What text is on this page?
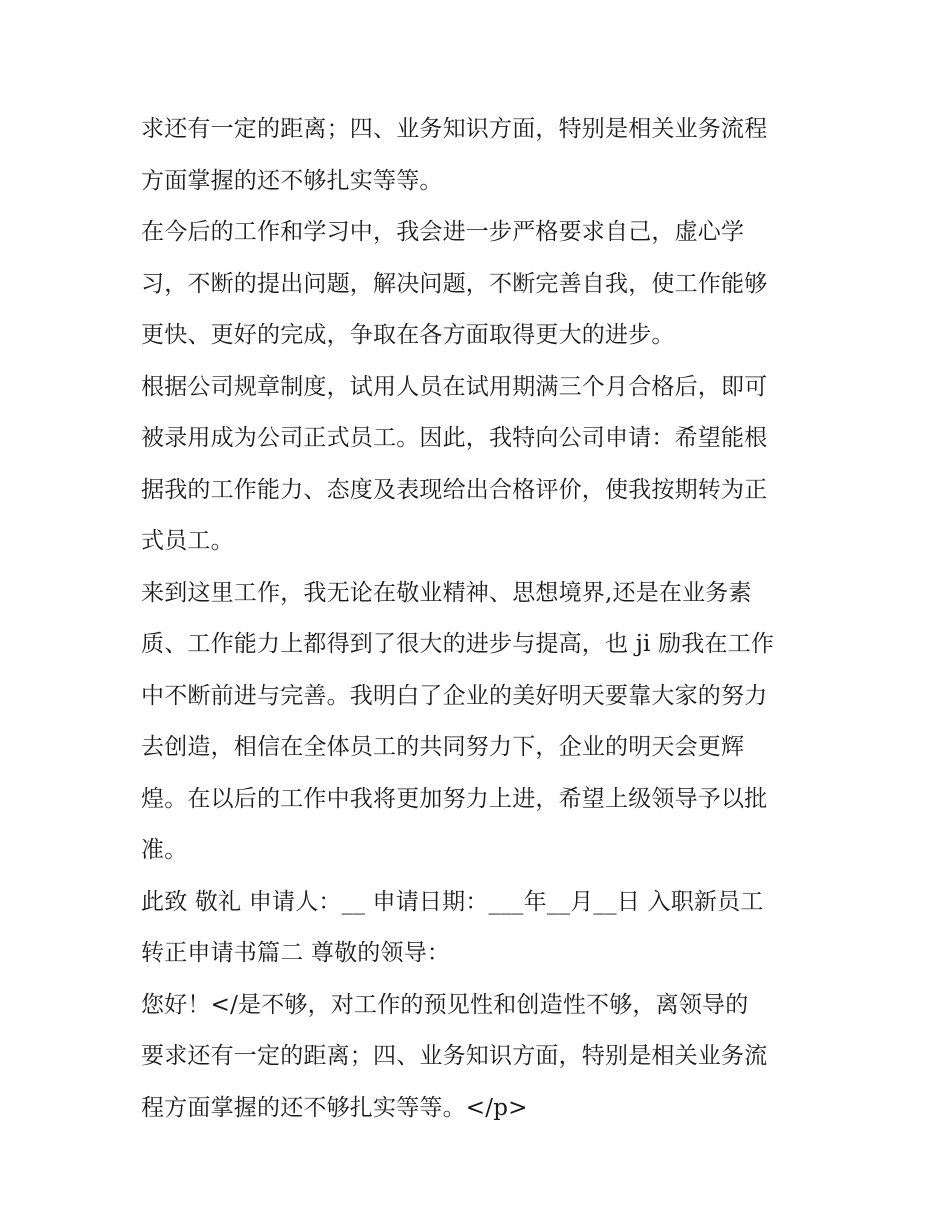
求还有一定的距离；四、业务知识方面，特别是相关业务流程
方面掌握的还不够扎实等等。
在今后的工作和学习中，我会进一步严格要求自己，虚心学
习，不断的提出问题，解决问题，不断完善自我，使工作能够
更快、更好的完成，争取在各方面取得更大的进步。
根据公司规章制度，试用人员在试用期满三个月合格后，即可
被录用成为公司正式员工。因此，我特向公司申请：希望能根
据我的工作能力、态度及表现给出合格评价，使我按期转为正
式员工。
来到这里工作，我无论在敬业精神、思想境界,还是在业务素
质、工作能力上都得到了很大的进步与提高，也 ji 励我在工作
中不断前进与完善。我明白了企业的美好明天要靠大家的努力
去创造，相信在全体员工的共同努力下，企业的明天会更辉
煌。在以后的工作中我将更加努力上进，希望上级领导予以批
准。
此致 敬礼 申请人：__ 申请日期：___年__月__日 入职新员工
转正申请书篇二 尊敬的领导：
您好！</是不够，对工作的预见性和创造性不够，离领导的
要求还有一定的距离；四、业务知识方面，特别是相关业务流
程方面掌握的还不够扎实等等。</p>
